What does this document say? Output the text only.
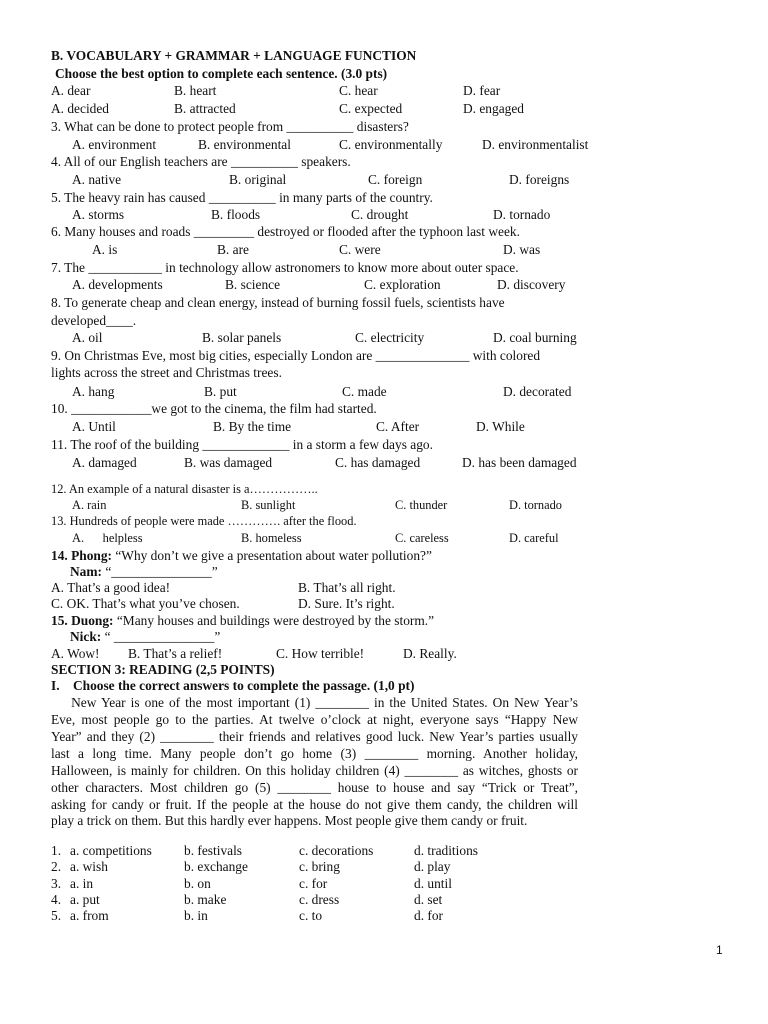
B. VOCABULARY + GRAMMAR + LANGUAGE FUNCTION
Choose the best option to complete each sentence. (3.0 pts)
A. dear	B. heart	C. hear	D. fear
A. decided	B. attracted	C. expected	D. engaged
3. What can be done to protect people from __________ disasters?
A. environment	B. environmental	C. environmentally	D. environmentalist
4. All of our English teachers are __________ speakers.
A. native	B. original	C. foreign	D. foreigns
5. The heavy rain has caused __________ in many parts of the country.
A. storms	B. floods	C. drought	D. tornado
6. Many houses and roads _________ destroyed or flooded after the typhoon last week.
A. is	B. are	C. were	D. was
7. The ___________ in technology allow astronomers to know more about outer space.
A. developments	B. science	C. exploration	D. discovery
8. To generate cheap and clean energy, instead of burning fossil fuels, scientists have
developed____.
A. oil	B. solar panels	C. electricity	D. coal burning
9. On Christmas Eve, most big cities, especially London are ______________ with colored
lights across the street and Christmas trees.
A. hang	B. put	C. made	D. decorated
10. ____________we got to the cinema, the film had started.
A. Until	B. By the time	C. After	D. While
11. The roof of the building _____________ in a storm a few days ago.
A. damaged	B. was damaged	C. has damaged	D. has been damaged
12. An example of a natural disaster is a……………..
A. rain	B. sunlight	C. thunder	D. tornado
13. Hundreds of people were made …………. after the flood.
A.      helpless	B. homeless	C. careless	D. careful
14. Phong: “Why don’t we give a presentation about water pollution?”
Nam: “_______________”
A. That’s a good idea!	B. That’s all right.
C. OK. That’s what you’ve chosen.	D. Sure. It’s right.
15. Duong: “Many houses and buildings were destroyed by the storm.”
Nick: “ _______________”
A. Wow! B. That’s a relief!	C. How terrible!	D. Really.
SECTION 3: READING (2,5 POINTS)
I.    Choose the correct answers to complete the passage. (1,0 pt)
New Year is one of the most important (1) ________ in the United States. On New Year’s
Eve, most people go to the parties. At twelve o’clock at night, everyone says “Happy New
Year” and they (2) ________ their friends and relatives good luck. New Year’s parties usually
last a long time. Many people don’t go home (3) ________ morning. Another holiday,
Halloween, is mainly for children. On this holiday children (4) ________ as witches, ghosts or
other characters. Most children go (5) ________ house to house and say “Trick or Treat”,
asking for candy or fruit. If the people at the house do not give them candy, the children will
play a trick on them. But this hardly ever happens. Most people give them candy or fruit.
1. a. competitions b. festivals	c. decorations	d. traditions
2. a. wish	b. exchange	c. bring	d. play
3. a. in	b. on	c. for	d. until
4. a. put	b. make	c. dress	d. set
5. a. from	b. in	c. to	d. for
1
